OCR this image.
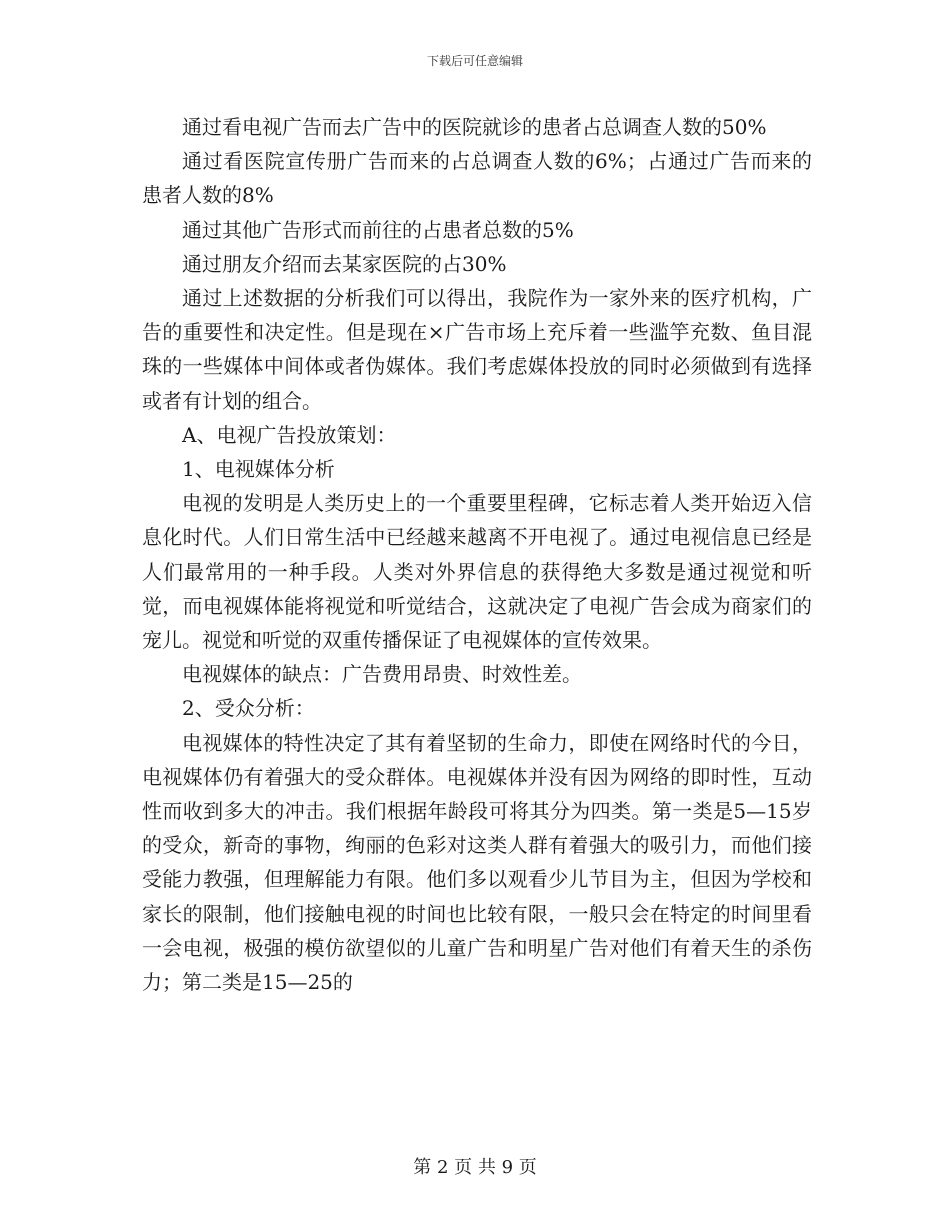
下载后可任意编辑

通过看电视广告而去广告中的医院就诊的患者占总调查人数的50%

通过看医院宣传册广告而来的占总调查人数的6%；占通过广告而来的患者人数的8%

通过其他广告形式而前往的占患者总数的5%

通过朋友介绍而去某家医院的占30%

通过上述数据的分析我们可以得出，我院作为一家外来的医疗机构，广告的重要性和决定性。但是现在×广告市场上充斥着一些滥竽充数、鱼目混珠的一些媒体中间体或者伪媒体。我们考虑媒体投放的同时必须做到有选择或者有计划的组合。

A、电视广告投放策划：

1、电视媒体分析

电视的发明是人类历史上的一个重要里程碑，它标志着人类开始迈入信息化时代。人们日常生活中已经越来越离不开电视了。通过电视信息已经是人们最常用的一种手段。人类对外界信息的获得绝大多数是通过视觉和听觉，而电视媒体能将视觉和听觉结合，这就决定了电视广告会成为商家们的宠儿。视觉和听觉的双重传播保证了电视媒体的宣传效果。

电视媒体的缺点：广告费用昂贵、时效性差。

2、受众分析：

电视媒体的特性决定了其有着坚韧的生命力，即使在网络时代的今日，电视媒体仍有着强大的受众群体。电视媒体并没有因为网络的即时性，互动性而收到多大的冲击。我们根据年龄段可将其分为四类。第一类是5—15岁的受众，新奇的事物，绚丽的色彩对这类人群有着强大的吸引力，而他们接受能力教强，但理解能力有限。他们多以观看少儿节目为主，但因为学校和家长的限制，他们接触电视的时间也比较有限，一般只会在特定的时间里看一会电视，极强的模仿欲望似的儿童广告和明星广告对他们有着天生的杀伤力；第二类是15—25的

第 2 页 共 9 页
